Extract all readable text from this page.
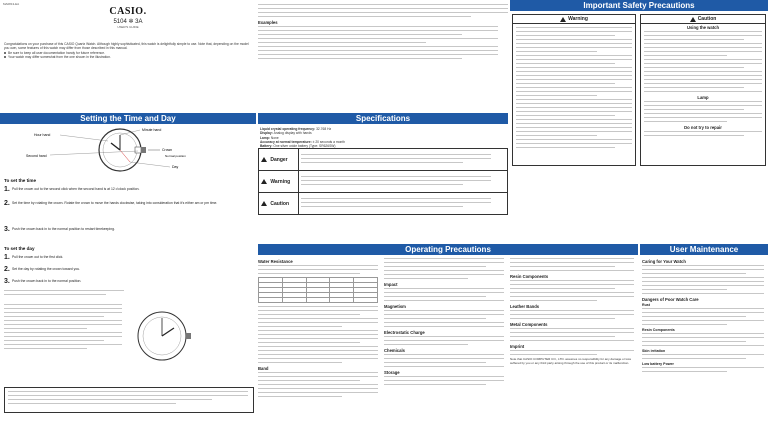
MA0813-EA
CASIO.
5104 ✲ 3A
USER'S GUIDE
Congratulations on your purchase of this CASIO Quartz Watch. Although highly sophisticated, this watch is delightfully simple to use. Note that, depending on the model you own, some features of this watch may differ from those described in this manual.
Be sure to keep all user documentation handy for future reference.
Your watch may differ somewhat from the one shown in the illustration.
Setting the Time and Day
Hour hand
Minute hand
Second hand
Day
Crown
Normal position
To set the time
1. Pull the crown out to the second click when the second hand is at 12 o'clock position.
2. Set the time by rotating the crown. Rotate the crown to move the hands clockwise, taking into consideration that it's either am or pm time.
3. Push the crown back in to the normal position to restart timekeeping.
To set the day
1. Pull the crown out to the first click.
2. Set the day by rotating the crown toward you.
3. Push the crown back in to the normal position.
Examples
Specifications
Liquid crystal operating frequency: 32.768 Hz
Display: Analog display with hands
Lamp: None
Accuracy at normal temperature: ± 20 seconds a month
Battery: One silver oxide battery (Type: SR626SW)
Danger	

Warning	

Caution	
Important Safety Precautions
Warning	Caution
Using the watch
Lamp
Do not try to repair
Operating Precautions	User Maintenance
Water Resistance

Band
Impact
Magnetism
Electrostatic Charge
Chemicals
Storage
Resin Components
Leather Bands
Metal Components
Imprint
Note that CASIO COMPUTER CO., LTD. assumes no responsibility for any damage or loss suffered by you or any third party arising through the use of this product or its malfunction.
Caring for Your Watch
Dangers of Poor Watch Care
Rust
Resin Components
Skin irritation
Low battery Power
